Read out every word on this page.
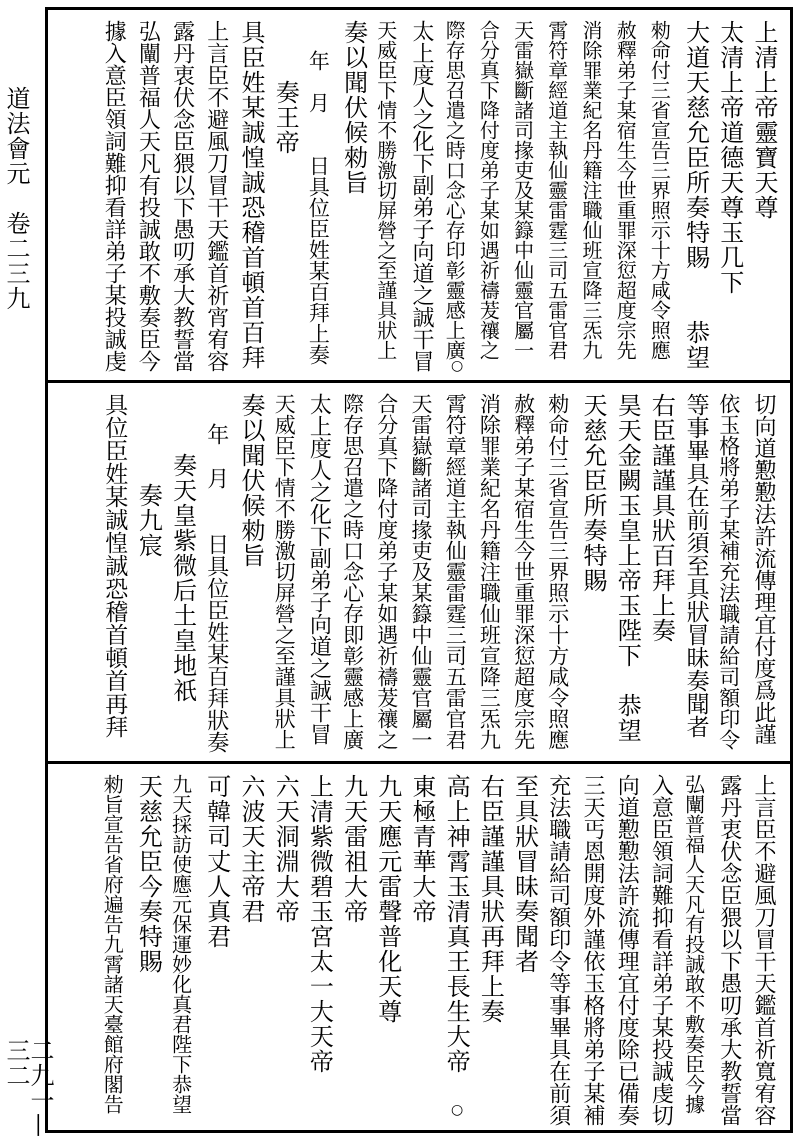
道法會元　卷二三九
二九一—三二
上清上帝靈寶天尊
太清上帝道德天尊玉几下
大道天慈允臣所奏特賜　　恭望
勑命付三省宣告三界照示十方咸令照應
赦釋弟子某宿生今世重罪深愆超度宗先
消除罪業紀名丹籍注職仙班宣降三炁九
霄符章經道主執仙靈雷霆三司五雷官君
天雷嶽斷諸司掾吏及某籙中仙靈官屬一
合分真下降付度弟子某如遇祈禱茇禳之
際存思召遣之時口念心存印彰靈感上廣
太上度人之化下副弟子向道之誠干冒
天威臣下情不勝激切屏營之至謹具狀上
奏以聞伏候勑旨
年　月　　日具位臣姓某百拜上奏
奏王帝
具臣姓某誠惶誠恐稽首頓首百拜
上言臣不避風刀冒干天鑑首祈宵宥容
露丹衷伏念臣猥以下愚叨承大教誓當
弘闡普福人天凡有投誠敢不敷奏臣今
據入意臣領詞難抑看詳弟子某投誠虔
切向道懃懃法許流傳理宜付度爲此謹
依玉格將弟子某補充法職請給司額印令
等事畢具在前須至具狀冒昧奏聞者
右臣謹謹具狀百拜上奏
昊天金闕玉皇上帝玉陛下　恭望
天慈允臣所奏特賜
勑命付三省宣告三界照示十方咸令照應
赦釋弟子某宿生今世重罪深愆超度宗先
消除罪業紀名丹籍注職仙班宣降三炁九
霄符章經道主執仙靈雷霆三司五雷官君
天雷嶽斷諸司掾吏及某籙中仙靈官屬一
合分真下降付度弟子某如遇祈禱茇禳之
際存思召遣之時口念心存即彰靈感上廣
太上度人之化下副弟子向道之誠干冒
天威臣下情不勝激切屏營之至謹具狀上
奏以聞伏候勑旨
年　月　　日具位臣姓某百拜狀奏
奏天皇紫微后土皇地祇
奏九宸
具位臣姓某誠惶誠恐稽首頓首再拜
上言臣不避風刀冒干天鑑首祈寬宥容
露丹衷伏念臣猥以下愚叨承大教誓當
弘闡普福人天凡有投誠敢不敷奏臣今據
入意臣領詞難抑看詳弟子某投誠虔切
向道懃懃法許流傳理宜付度除已備奏
三天丐恩開度外謹依玉格將弟子某補
充法職請給司額印令等事畢具在前須
至具狀冒昧奏聞者
右臣謹謹具狀再拜上奏
高上神霄玉清真王長生大帝
東極青華大帝
九天應元雷聲普化天尊
九天雷祖大帝
上清紫微碧玉宮太一大天帝
六天洞淵大帝
六波天主帝君
可韓司丈人真君
九天採訪使應元保運妙化真君陛下恭望
天慈允臣今奏特賜
勑旨宣告省府遍告九霄諸天臺館府閣告
○
○
